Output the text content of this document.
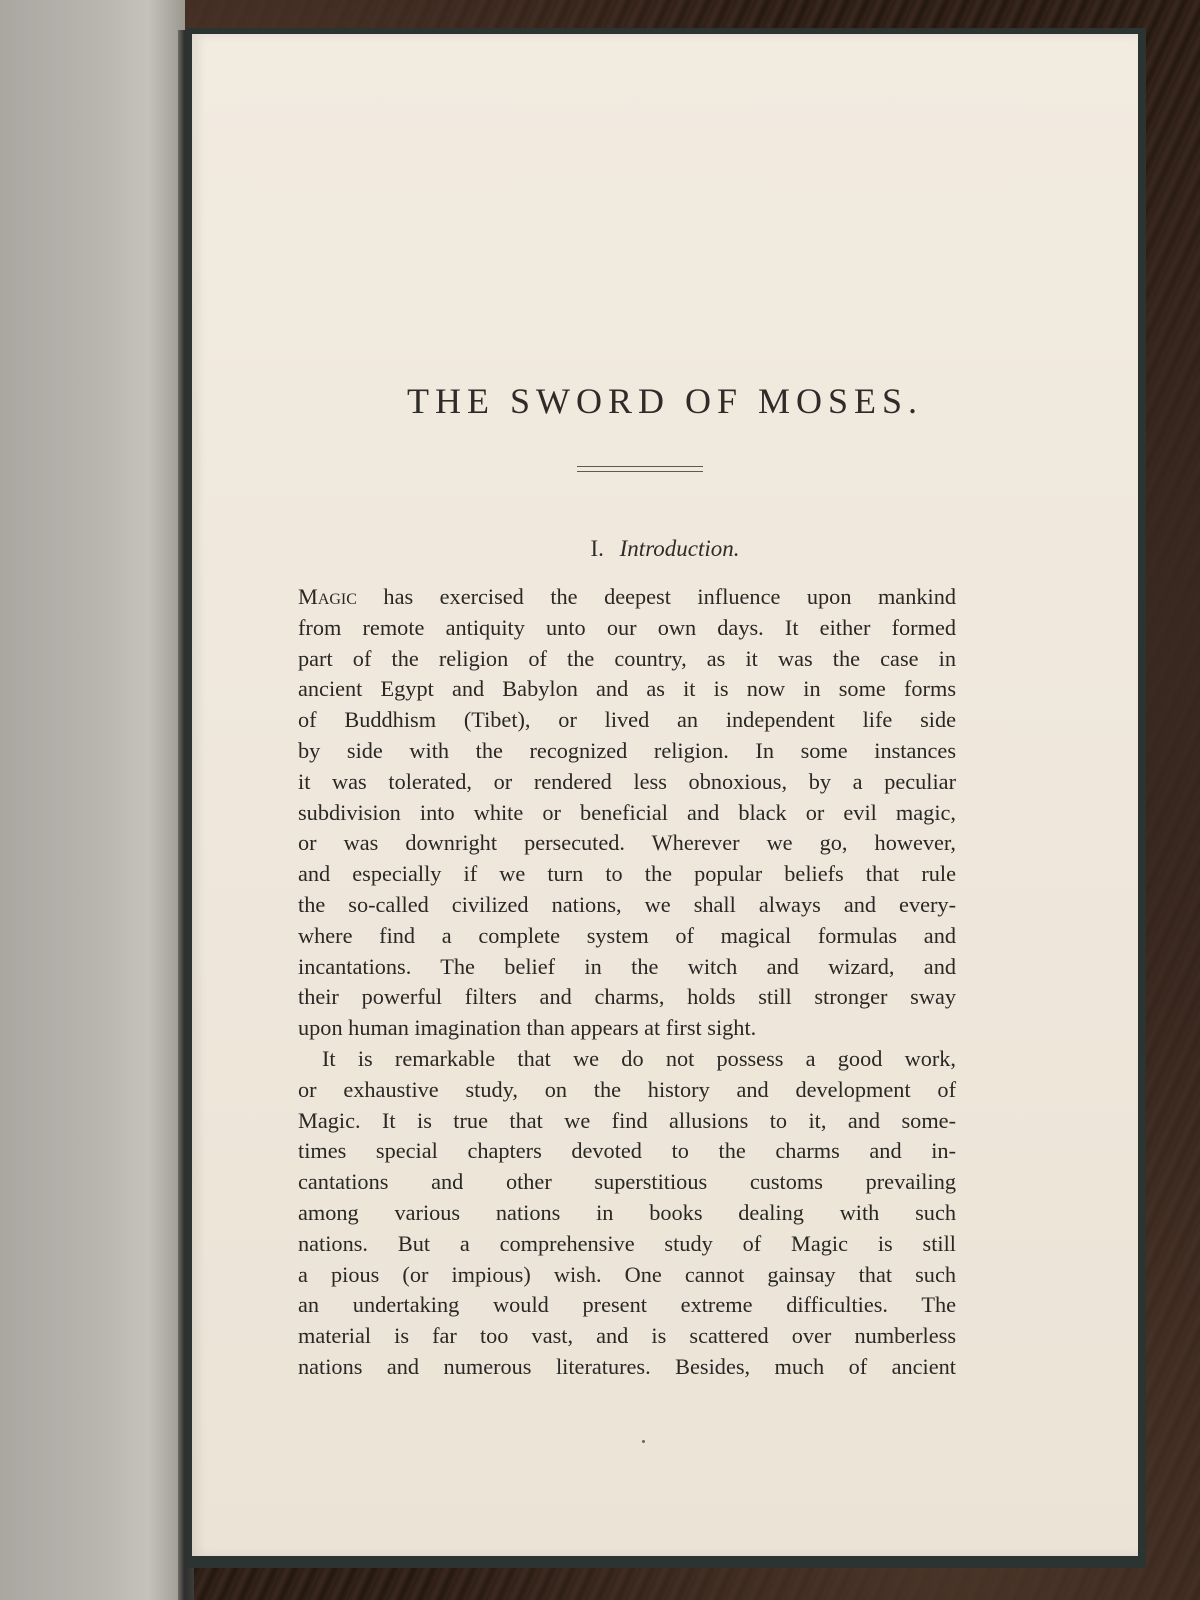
THE SWORD OF MOSES.
I. Introduction.
Magic has exercised the deepest influence upon mankind
from remote antiquity unto our own days. It either formed
part of the religion of the country, as it was the case in
ancient Egypt and Babylon and as it is now in some forms
of Buddhism (Tibet), or lived an independent life side
by side with the recognized religion. In some instances
it was tolerated, or rendered less obnoxious, by a peculiar
subdivision into white or beneficial and black or evil magic,
or was downright persecuted. Wherever we go, however,
and especially if we turn to the popular beliefs that rule
the so-called civilized nations, we shall always and every-
where find a complete system of magical formulas and
incantations. The belief in the witch and wizard, and
their powerful filters and charms, holds still stronger sway
upon human imagination than appears at first sight.
It is remarkable that we do not possess a good work,
or exhaustive study, on the history and development of
Magic. It is true that we find allusions to it, and some-
times special chapters devoted to the charms and in-
cantations and other superstitious customs prevailing
among various nations in books dealing with such
nations. But a comprehensive study of Magic is still
a pious (or impious) wish. One cannot gainsay that such
an undertaking would present extreme difficulties. The
material is far too vast, and is scattered over numberless
nations and numerous literatures. Besides, much of ancient
